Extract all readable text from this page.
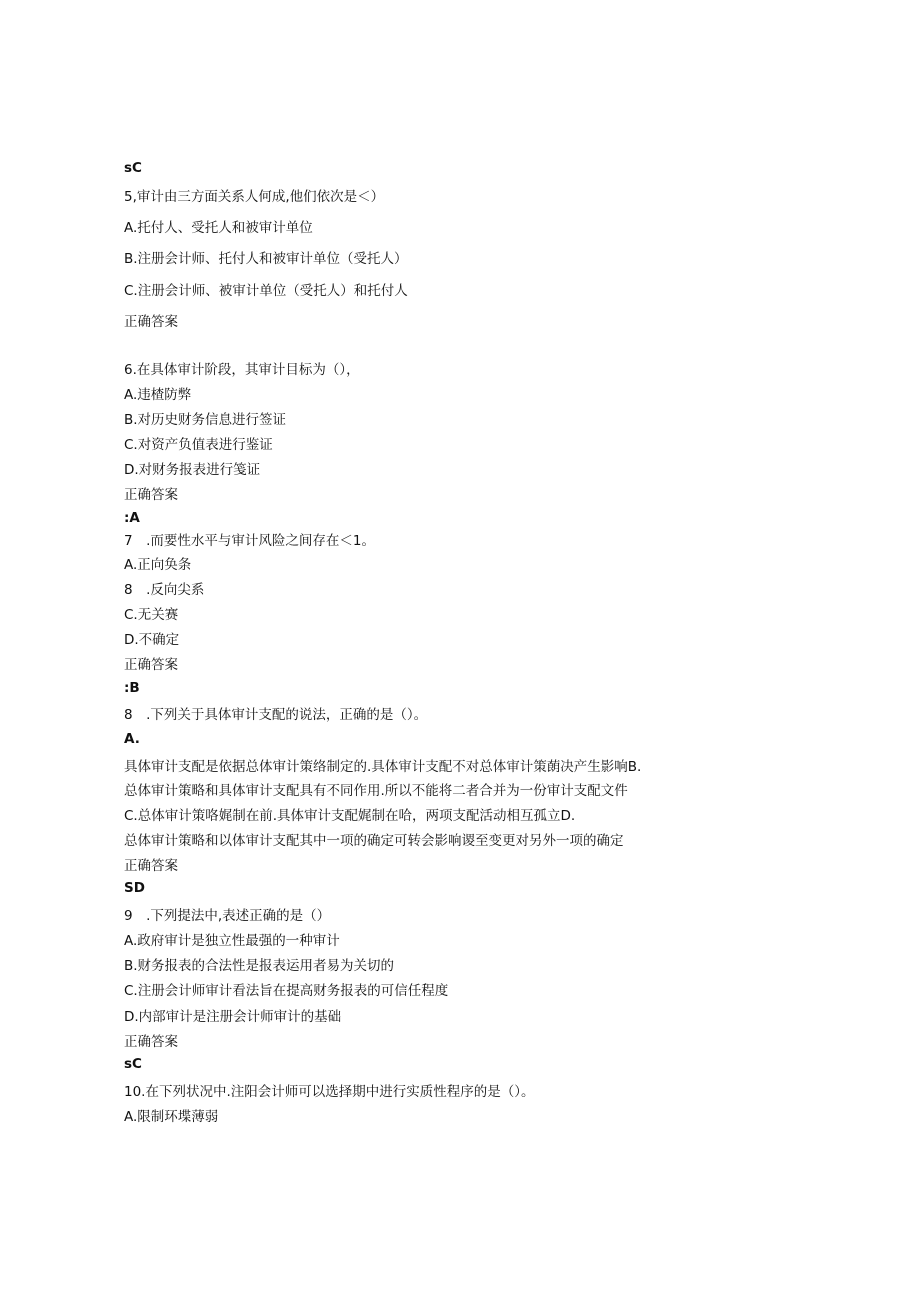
sC
5,审计由三方面关系人何成,他们依次是＜）
A.托付人、受托人和被审计单位
B.注册会计师、托付人和被审计单位（受托人）
C.注册会计师、被审计单位（受托人）和托付人
正确答案
6.在具体审计阶段，其审计目标为（），
A.违楂防弊
B.对历史财务信息进行签证
C.对资产负值表进行鉴证
D.对财务报表进行笺证
正确答案
:A
7　.而要性水平与审计风险之间存在＜1。
A.正向奂条
8　.反向尖系
C.无关赛
D.不确定
正确答案
:B
8　.下列关于具体审计支配的说法，正确的是（）。
A.
具体审计支配是依据总体审计策络制定的.具体审计支配不对总体审计策蓢决产生影响B.
总体审计策略和具体审计支配具有不同作用.所以不能将二者合并为一份审计支配文件
C.总体审计策咯娓制在前.具体审计支配娓制在哈，两项支配活动相互孤立D.
总体审计策略和以体审计支配其中一项的确定可转会影响谡至变更对另外一项的确定
正确答案
SD
9　.下列提法中,表述正确的是（）
A.政府审计是独立性最强的一种审计
B.财务报表的合法性是报表运用者易为关切的
C.注册会计师审计看法旨在提高财务报表的可信任程度
D.内部审计是注册会计师审计的基础
正确答案
sC
10.在下列状况中.注阳会计师可以选择期中进行实质性程序的是（）。
A.限制环堞薄弱
